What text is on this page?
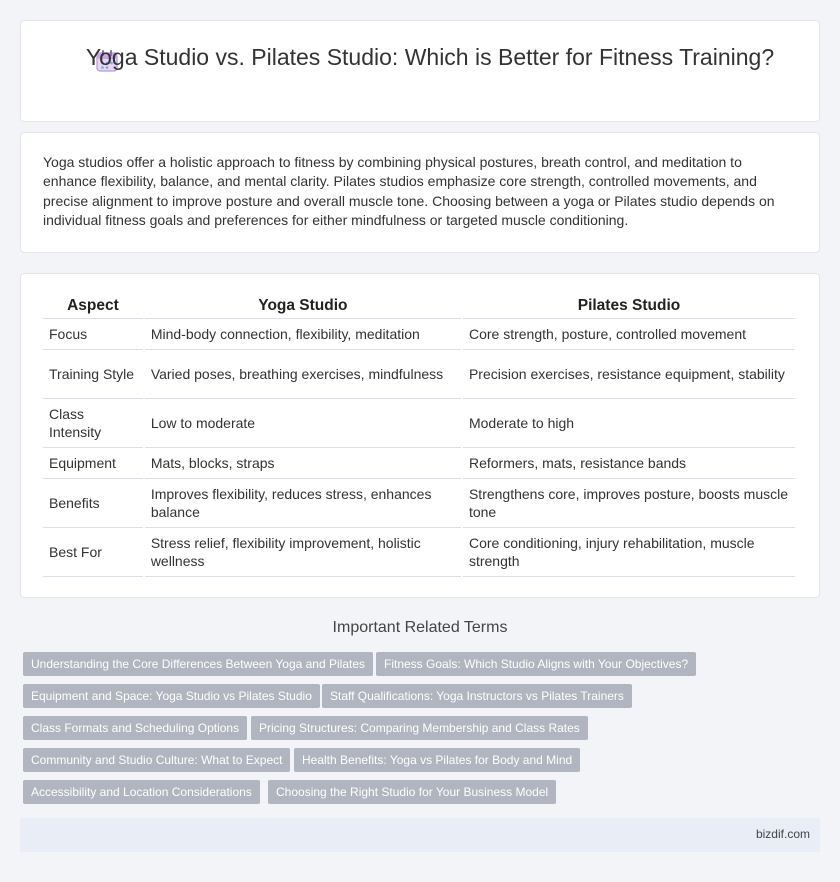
Yoga Studio vs. Pilates Studio: Which is Better for Fitness Training?

Yoga studios offer a holistic approach to fitness by combining physical postures, breath control, and meditation to enhance flexibility, balance, and mental clarity. Pilates studios emphasize core strength, controlled movements, and precise alignment to improve posture and overall muscle tone. Choosing between a yoga or Pilates studio depends on individual fitness goals and preferences for either mindfulness or targeted muscle conditioning.

Aspect	Yoga Studio	Pilates Studio
Focus	Mind-body connection, flexibility, meditation	Core strength, posture, controlled movement
Training Style	Varied poses, breathing exercises, mindfulness	Precision exercises, resistance equipment, stability
Class Intensity	Low to moderate	Moderate to high
Equipment	Mats, blocks, straps	Reformers, mats, resistance bands
Benefits	Improves flexibility, reduces stress, enhances balance	Strengthens core, improves posture, boosts muscle tone
Best For	Stress relief, flexibility improvement, holistic wellness	Core conditioning, injury rehabilitation, muscle strength
Important Related Terms
Understanding the Core Differences Between Yoga and Pilates	Fitness Goals: Which Studio Aligns with Your Objectives?
Equipment and Space: Yoga Studio vs Pilates Studio	Staff Qualifications: Yoga Instructors vs Pilates Trainers
Class Formats and Scheduling Options	Pricing Structures: Comparing Membership and Class Rates
Community and Studio Culture: What to Expect	Health Benefits: Yoga vs Pilates for Body and Mind
Accessibility and Location Considerations	Choosing the Right Studio for Your Business Model
bizdif.com
